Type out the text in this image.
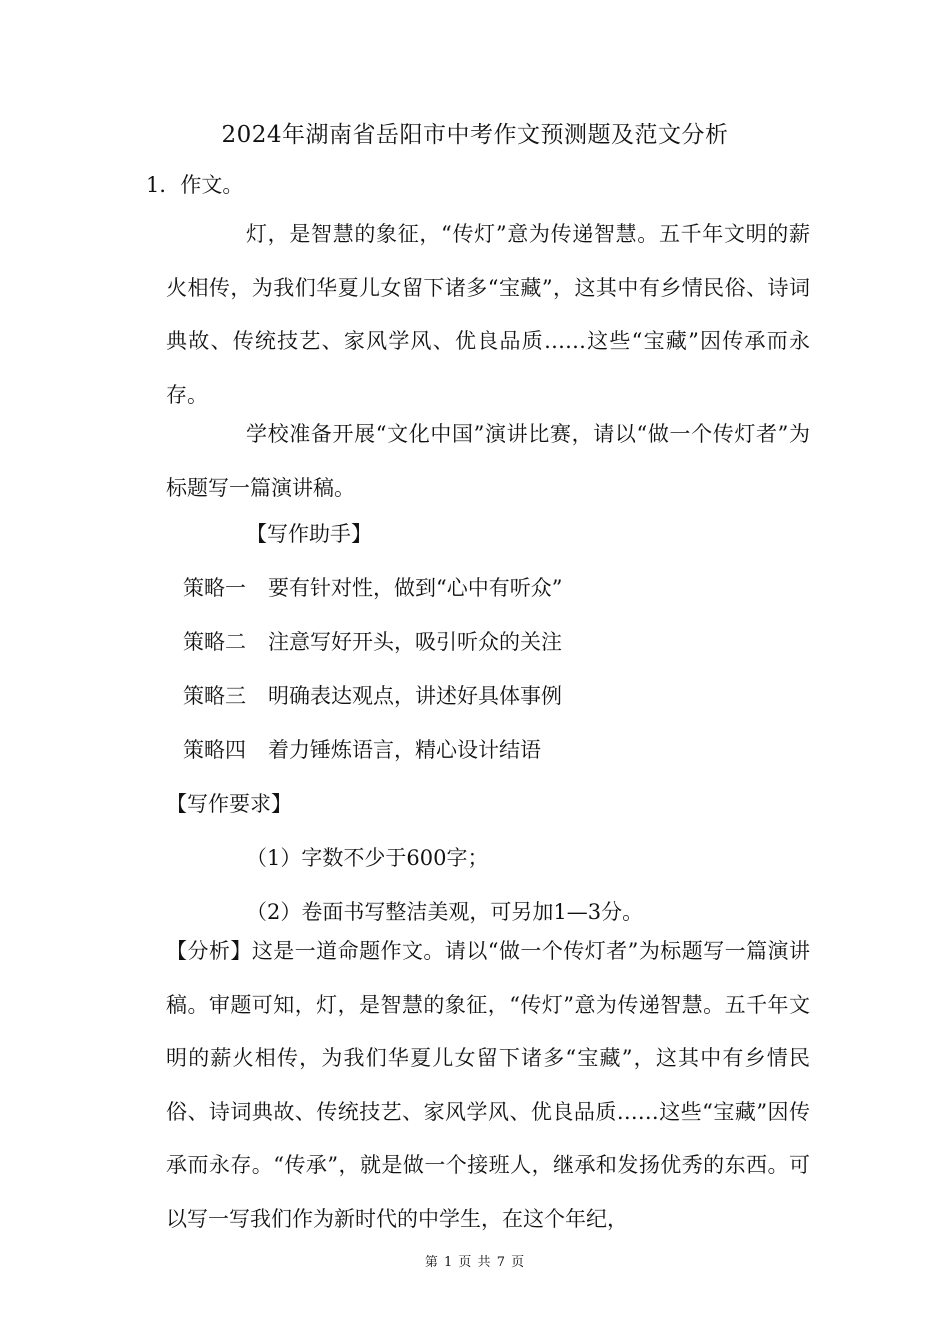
2024年湖南省岳阳市中考作文预测题及范文分析
1．作文。
灯，是智慧的象征，“传灯”意为传递智慧。五千年文明的薪火相传，为我们华夏儿女留下诸多“宝藏”，这其中有乡情民俗、诗词典故、传统技艺、家风学风、优良品质……这些“宝藏”因传承而永存。
学校准备开展“文化中国”演讲比赛，请以“做一个传灯者”为标题写一篇演讲稿。
【写作助手】
策略一 要有针对性，做到“心中有听众”
策略二 注意写好开头，吸引听众的关注
策略三 明确表达观点，讲述好具体事例
策略四 着力锤炼语言，精心设计结语
【写作要求】
（1）字数不少于600字；
（2）卷面书写整洁美观，可另加1—3分。
【分析】这是一道命题作文。请以“做一个传灯者”为标题写一篇演讲稿。审题可知，灯，是智慧的象征，“传灯”意为传递智慧。五千年文明的薪火相传，为我们华夏儿女留下诸多“宝藏”，这其中有乡情民俗、诗词典故、传统技艺、家风学风、优良品质……这些“宝藏”因传承而永存。“传承”，就是做一个接班人，继承和发扬优秀的东西。可以写一写我们作为新时代的中学生，在这个年纪，
第 1 页 共 7 页
